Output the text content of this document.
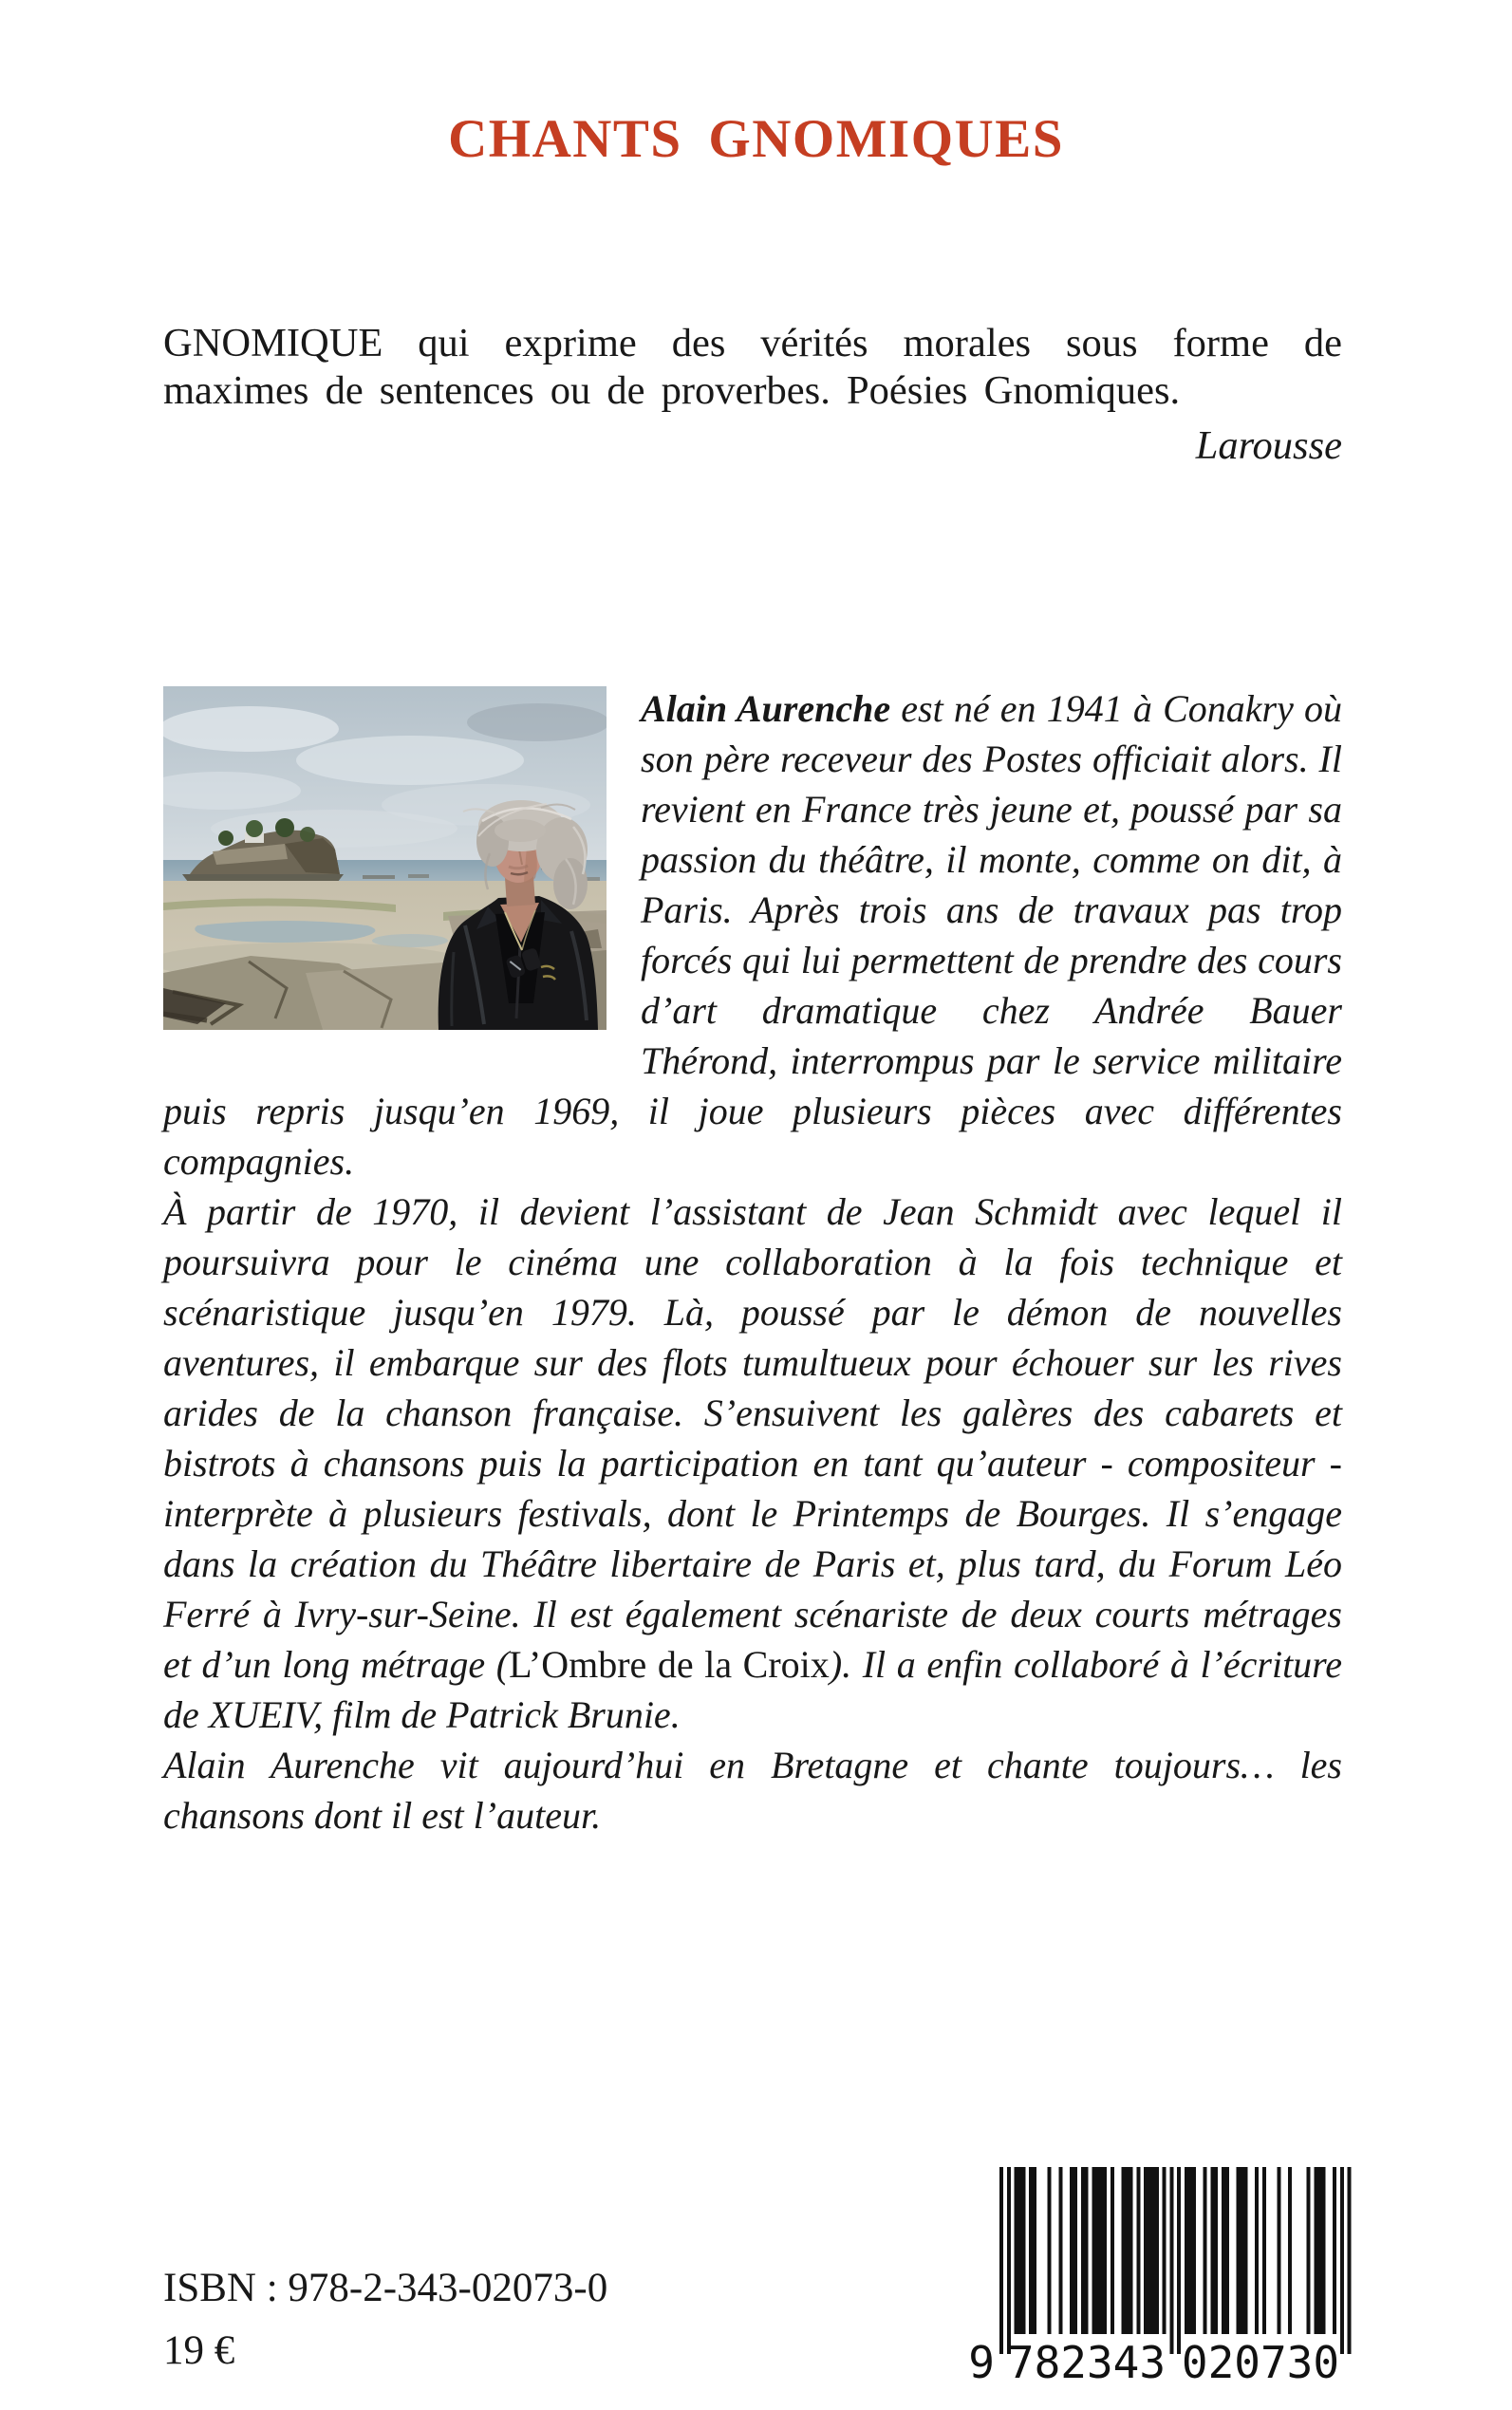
CHANTS GNOMIQUES
GNOMIQUE qui exprime des vérités morales sous forme de maximes de sentences ou de proverbes. Poésies Gnomiques.
Larousse

Alain Aurenche est né en 1941 à Conakry où son père receveur des Postes officiait alors. Il revient en France très jeune et, poussé par sa passion du théâtre, il monte, comme on dit, à Paris. Après trois ans de travaux pas trop forcés qui lui permettent de prendre des cours d’art dramatique chez Andrée Bauer Thérond, interrompus par le service militaire puis repris jusqu’en 1969, il joue plusieurs pièces avec différentes compagnies.

À partir de 1970, il devient l’assistant de Jean Schmidt avec lequel il poursuivra pour le cinéma une collaboration à la fois technique et scénaristique jusqu’en 1979. Là, poussé par le démon de nouvelles aventures, il embarque sur des flots tumultueux pour échouer sur les rives arides de la chanson française. S’ensuivent les galères des cabarets et bistrots à chansons puis la participation en tant qu’auteur - compositeur - interprète à plusieurs festivals, dont le Printemps de Bourges. Il s’engage dans la création du Théâtre libertaire de Paris et, plus tard, du Forum Léo Ferré à Ivry-sur-Seine. Il est également scénariste de deux courts métrages et d’un long métrage (L’Ombre de la Croix). Il a enfin collaboré à l’écriture de XUEIV, film de Patrick Brunie.

Alain Aurenche vit aujourd’hui en Bretagne et chante toujours… les chansons dont il est l’auteur.

ISBN : 978-2-343-02073-0
19 €	9 782343 020730
